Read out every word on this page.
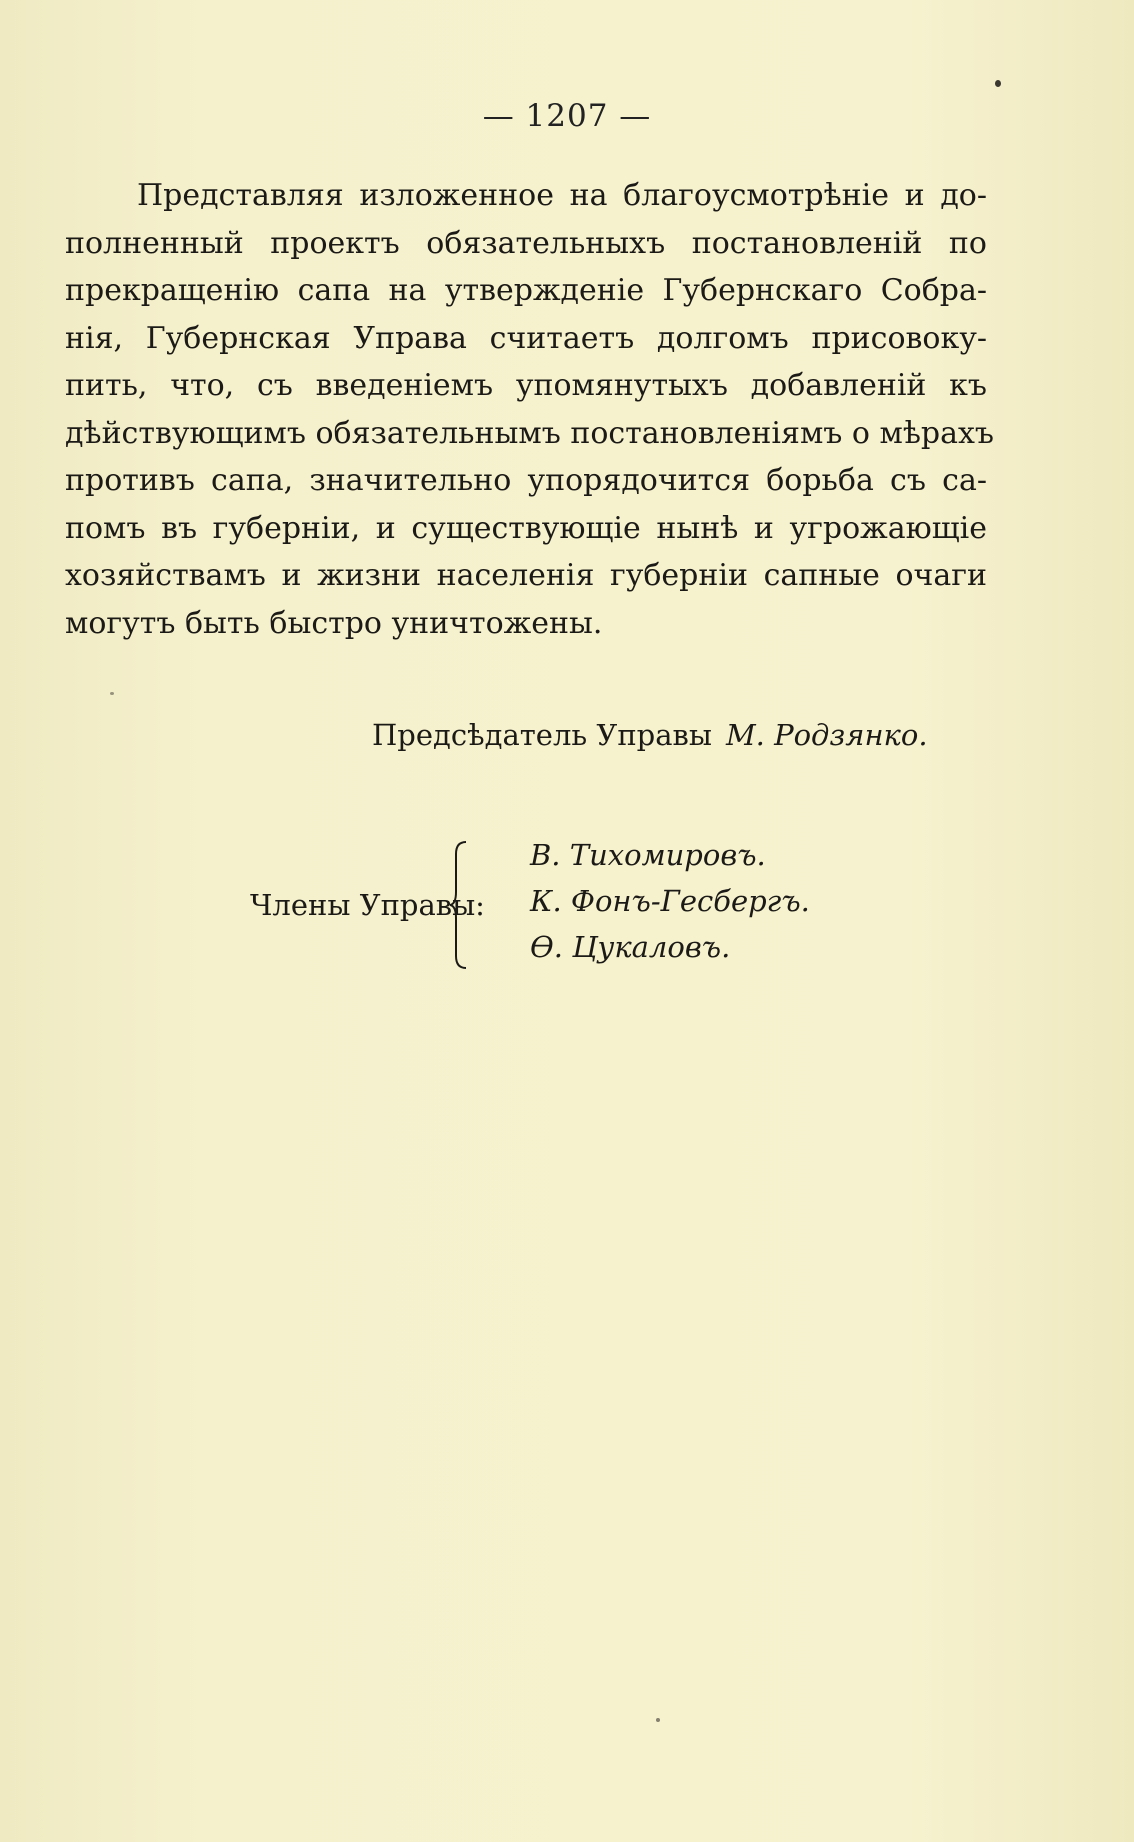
— 1207 —
Представляя изложенное на благоусмотрѣніе и до-
полненный проектъ обязательныхъ постановленій по
прекращенію сапа на утвержденіе Губернскаго Собра-
нія, Губернская Управа считаетъ долгомъ присовоку-
пить, что, съ введеніемъ упомянутыхъ добавленій къ
дѣйствующимъ обязательнымъ постановленіямъ о мѣрахъ
противъ сапа, значительно упорядочится борьба съ са-
помъ въ губерніи, и существующіе нынѣ и угрожающіе
хозяйствамъ и жизни населенія губерніи сапные очаги
могутъ быть быстро уничтожены.
Предсѣдатель Управы М. Родзянко.
Члены Управы:
В. Тихомировъ.
К. Фонъ-Гесбергъ.
Ѳ. Цукаловъ.
